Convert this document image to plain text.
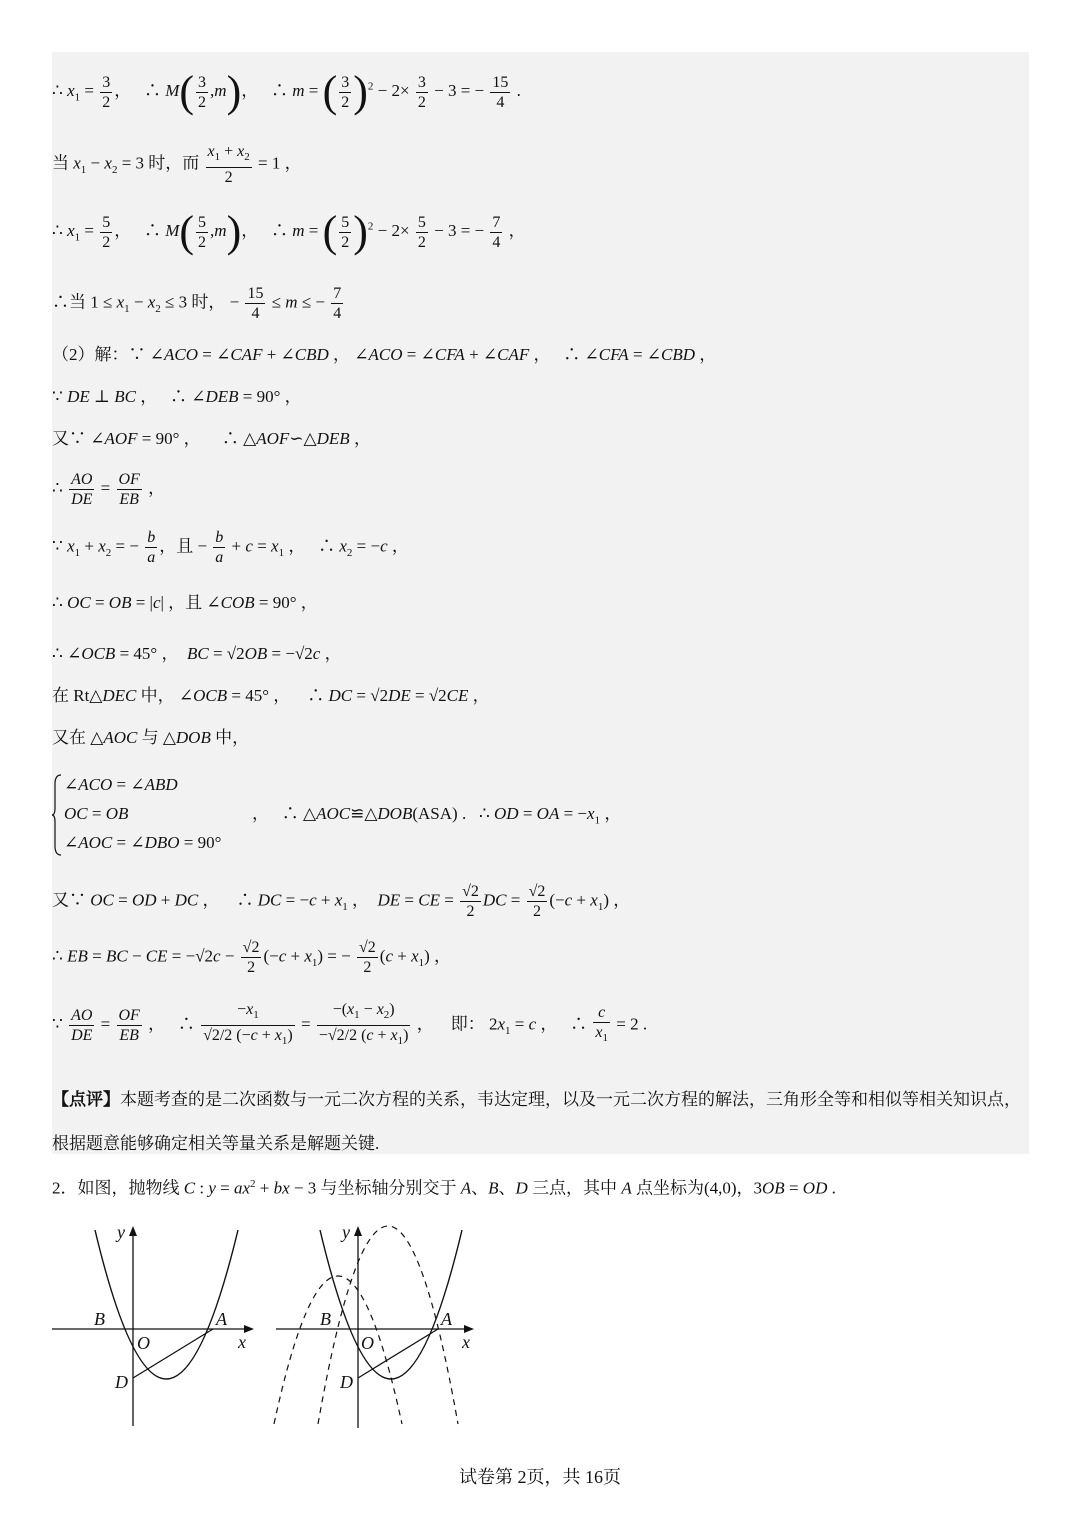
∴ $x_1 = \frac{3}{2}$ ，   ∴ $M( \frac{3}{2} ,m)$，   ∴ m = ( $\frac{3}{2} )^2 - 2\times \frac{3}{2} - 3$ = − $\frac{15}{4}$ .
当 $x_1 - x_2 = 3$ 时，而 $\frac{x_1 + x_2}{2} = 1$ ，
∴ $x_1 = \frac{5}{2}$ ，   ∴ $M( \frac{5}{2} ,m)$，   ∴ m = ( $\frac{5}{2} )^2 - 2\times \frac{5}{2} - 3$ = − $\frac{7}{4}$ ，
∴当 $1 \le x_1 - x_2 \le 3$ 时， − $\frac{15}{4} \le m$ ≤ − $\frac{7}{4}$
（2）解：∵ ∠ACO = ∠CAF + ∠CBD ， ∠ACO = ∠CFA + ∠CAF ，   ∴ ∠CFA = ∠CBD ，
∵ DE ⊥ BC ，   ∴ ∠DEB = 90° ，
又∵ ∠AOF = 90° ，     ∴ △AOF∽△DEB ，
∴ $\frac{AO}{DE} = \frac{OF}{EB}$ ，
∵ $x_1 + x_2$ = − $\frac{b}{a}$ ，且 − $\frac{b}{a} + c = x_1$ ，   ∴ $x_2 = -c$ ，
∴ OC = OB = |c| ，且 ∠COB = 90° ，
∴ ∠OCB = 45° ，  BC = √2OB = −√2c ，
在 Rt△DEC 中， ∠OCB = 45° ，    ∴ DC = √2DE = √2CE ，
又在 △AOC 与 △DOB 中，
∠ACO = ∠ABD
OC = OB
∠AOC = ∠DBO = 90°
，   ∴ △AOC≌△DOB(ASA) .   ∴ OD = OA = $-x_1$ ，
又∵ OC = OD + DC ，    ∴ DC = $-c + x_1$ ，  DE = CE = $\frac{√2}{2}$ DC = $\frac{√2}{2} (-c + x_1)$ ，
∴ EB = BC − CE = $-√2c - \frac{√2}{2} (-c + x_1)$ = − $\frac{√2}{2} (c + x_1)$ ，
∵ $\frac{AO}{DE} = \frac{OF}{EB}$ ，   ∴ $\frac{-x_1}{√2/2 (-c + x_1)} = \frac{-(x_1 - x_2)}{-√2/2 (c + x_1)}$ ，    即： $2x_1 = c$ ，   ∴ $\frac{c}{x_1} = 2$ .
【点评】本题考查的是二次函数与一元二次方程的关系，韦达定理，以及一元二次方程的解法，三角形全等和相似等相关知识点，根据题意能够确定相关等量关系是解题关键.
2．如图，抛物线 C : $y = ax^2$ + bx − 3 与坐标轴分别交于 A、B、D 三点，其中 A 点坐标为(4,0)，3OB = OD .
y
x
O
A
B
D
y
x
O
A
B
D
试卷第 2页，共 16页
